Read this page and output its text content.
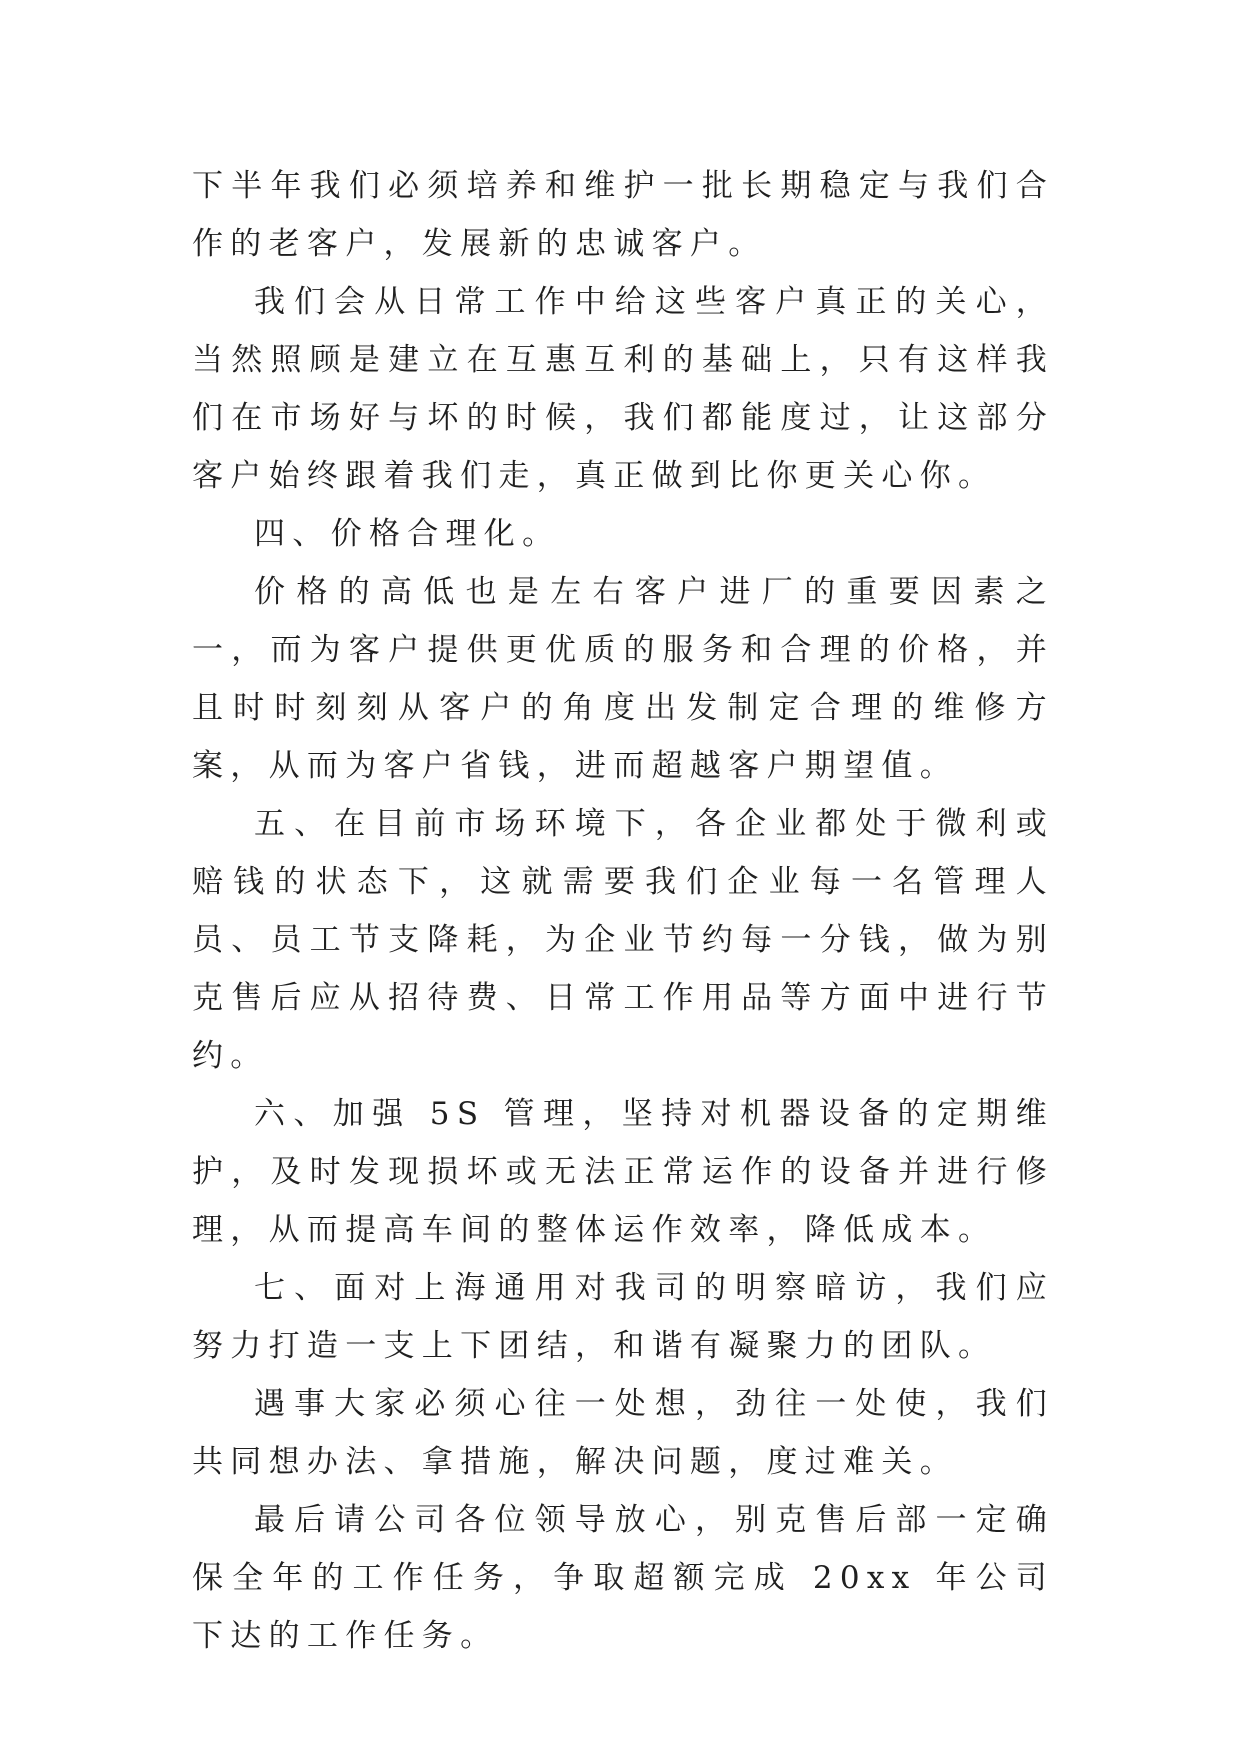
下半年我们必须培养和维护一批长期稳定与我们合作的老客户，发展新的忠诚客户。

我们会从日常工作中给这些客户真正的关心，当然照顾是建立在互惠互利的基础上，只有这样我们在市场好与坏的时候，我们都能度过，让这部分客户始终跟着我们走，真正做到比你更关心你。

四、价格合理化。

价格的高低也是左右客户进厂的重要因素之一，而为客户提供更优质的服务和合理的价格，并且时时刻刻从客户的角度出发制定合理的维修方案，从而为客户省钱，进而超越客户期望值。

五、在目前市场环境下，各企业都处于微利或赔钱的状态下，这就需要我们企业每一名管理人员、员工节支降耗，为企业节约每一分钱，做为别克售后应从招待费、日常工作用品等方面中进行节约。

六、加强 5S 管理，坚持对机器设备的定期维护，及时发现损坏或无法正常运作的设备并进行修理，从而提高车间的整体运作效率，降低成本。

七、面对上海通用对我司的明察暗访，我们应努力打造一支上下团结，和谐有凝聚力的团队。

遇事大家必须心往一处想，劲往一处使，我们共同想办法、拿措施，解决问题，度过难关。

最后请公司各位领导放心，别克售后部一定确保全年的工作任务，争取超额完成 20xx 年公司下达的工作任务。
